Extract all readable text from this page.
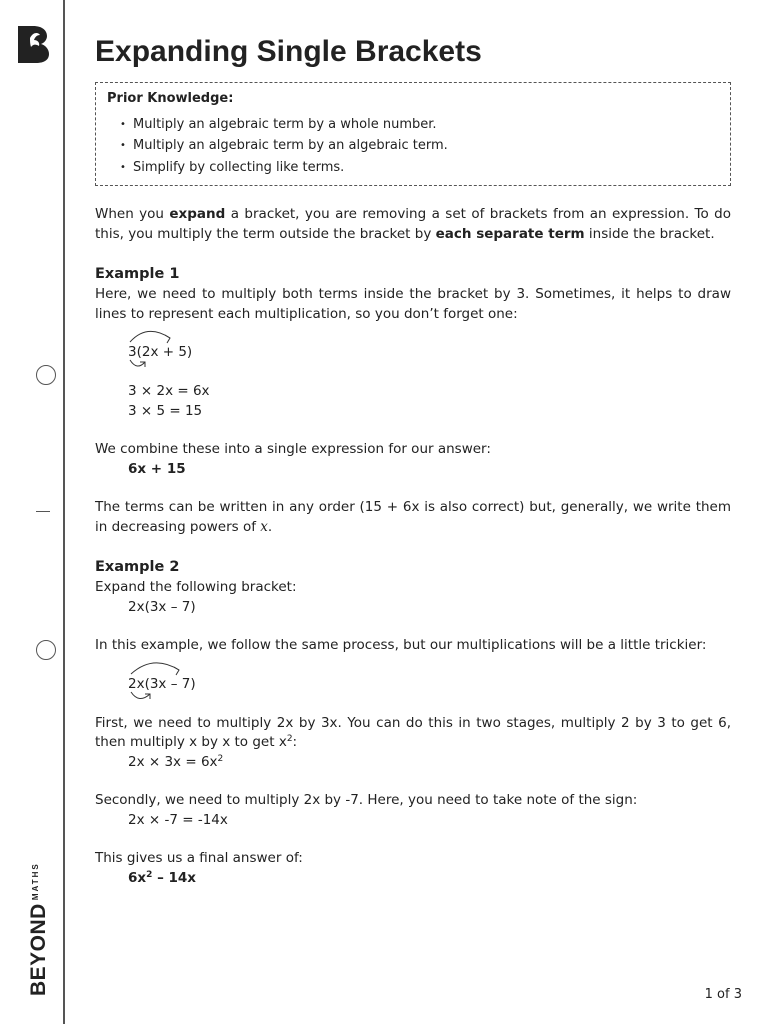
$BEYOND^{MATHS}$
Expanding Single Brackets
Prior Knowledge:
• Multiply an algebraic term by a whole number.
• Multiply an algebraic term by an algebraic term.
• Simplify by collecting like terms.

When you expand a bracket, you are removing a set of brackets from an expression. To do this, you multiply the term outside the bracket by each separate term inside the bracket.

Example 1

Here, we need to multiply both terms inside the bracket by 3. Sometimes, it helps to draw lines to represent each multiplication, so you don’t forget one:

3(2x + 5)
3 × 2x = 6x
3 × 5 = 15

We combine these into a single expression for our answer:

6x + 15

The terms can be written in any order (15 + 6x is also correct) but, generally, we write them in decreasing powers of x.

Example 2

Expand the following bracket:

2x(3x – 7)

In this example, we follow the same process, but our multiplications will be a little trickier:

2x(3x – 7)

First, we need to multiply 2x by 3x. You can do this in two stages, multiply 2 by 3 to get 6, then multiply x by x to get $x^2$:

$2x \times 3x = 6x^2$

Secondly, we need to multiply 2x by -7. Here, you need to take note of the sign:

2x × -7 = -14x

This gives us a final answer of:

$6x^2 - 14x$
1 of 3
